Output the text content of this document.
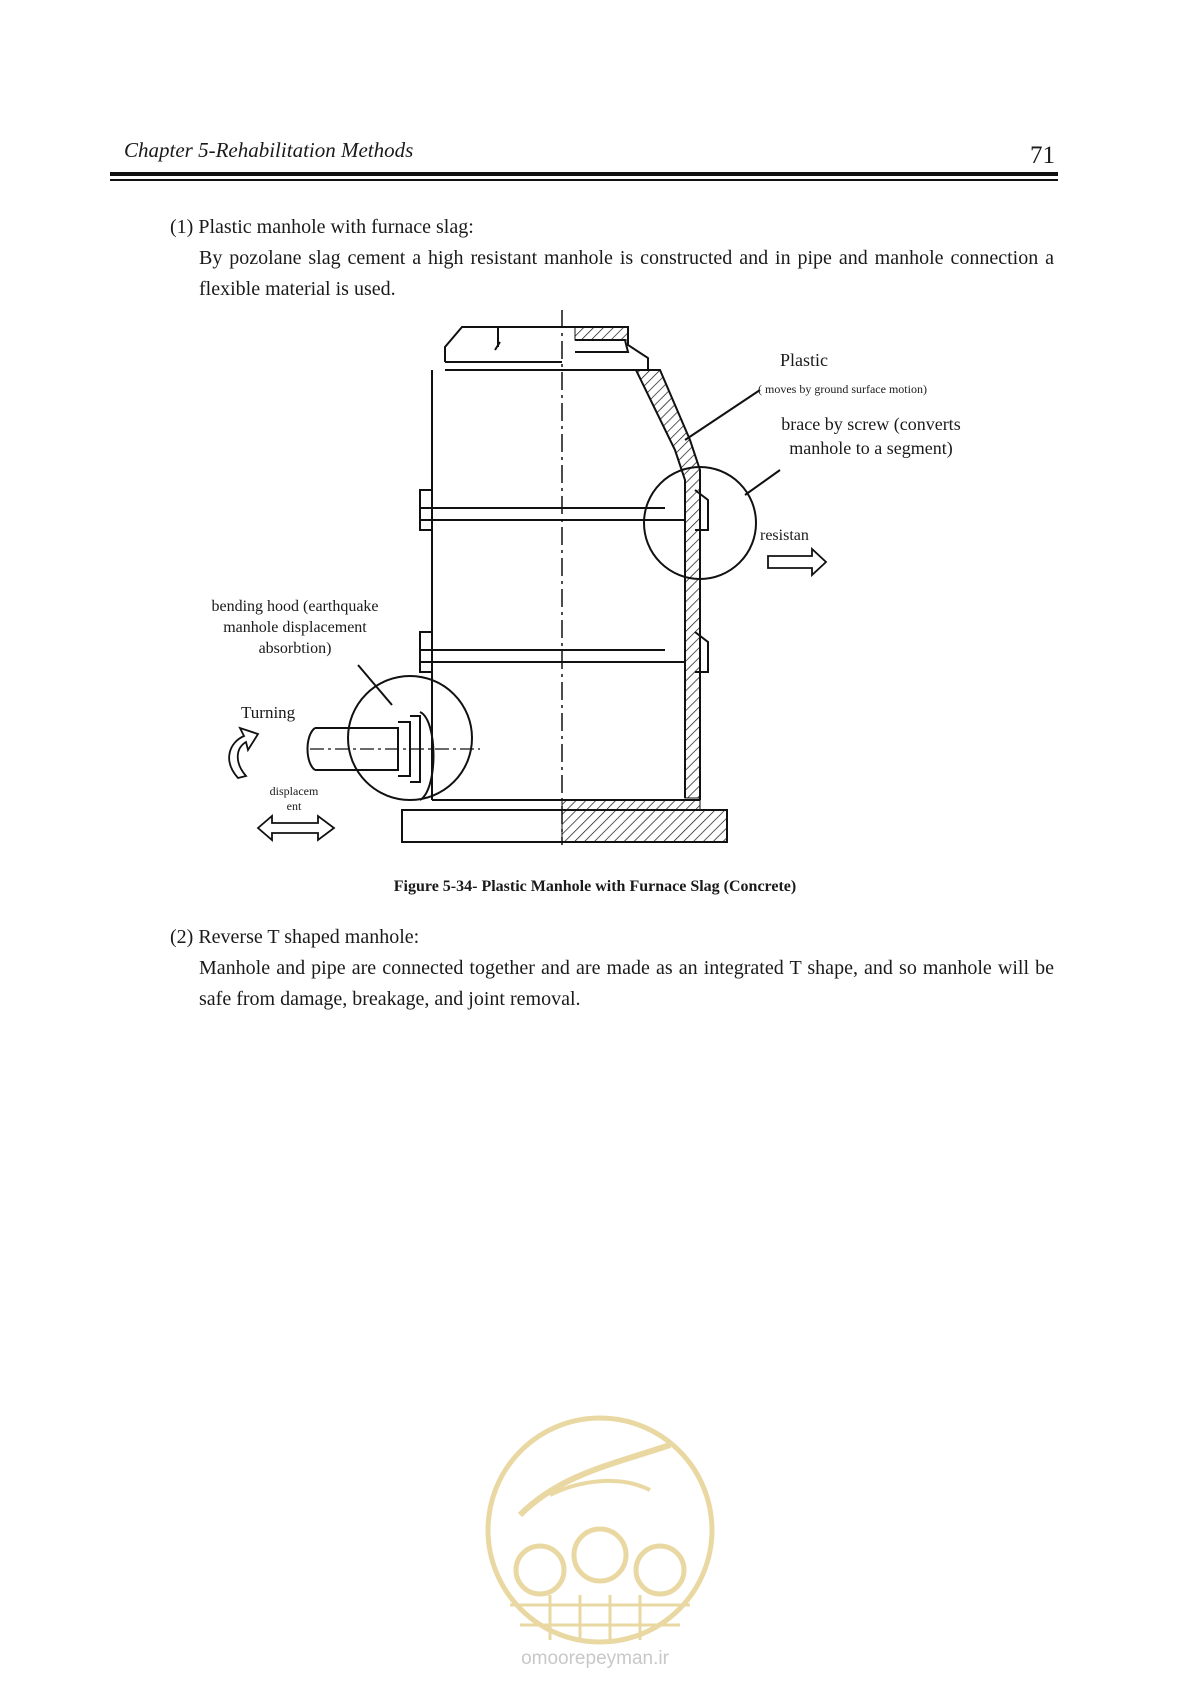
Chapter 5-Rehabilitation Methods	71
(1) Plastic manhole with furnace slag:
By pozolane slag cement a high resistant manhole is constructed and in pipe and manhole connection a flexible material is used.
Plastic
( moves by ground surface motion)
brace by screw (converts
manhole to a segment)
resistan
bending hood (earthquake
manhole displacement
absorbtion)
Turning
displacem
ent
Figure 5-34- Plastic Manhole with Furnace Slag (Concrete)
(2) Reverse T shaped manhole:
Manhole and pipe are connected together and are made as an integrated T shape, and so manhole will be safe from damage, breakage, and joint removal.
omoorepeyman.ir
